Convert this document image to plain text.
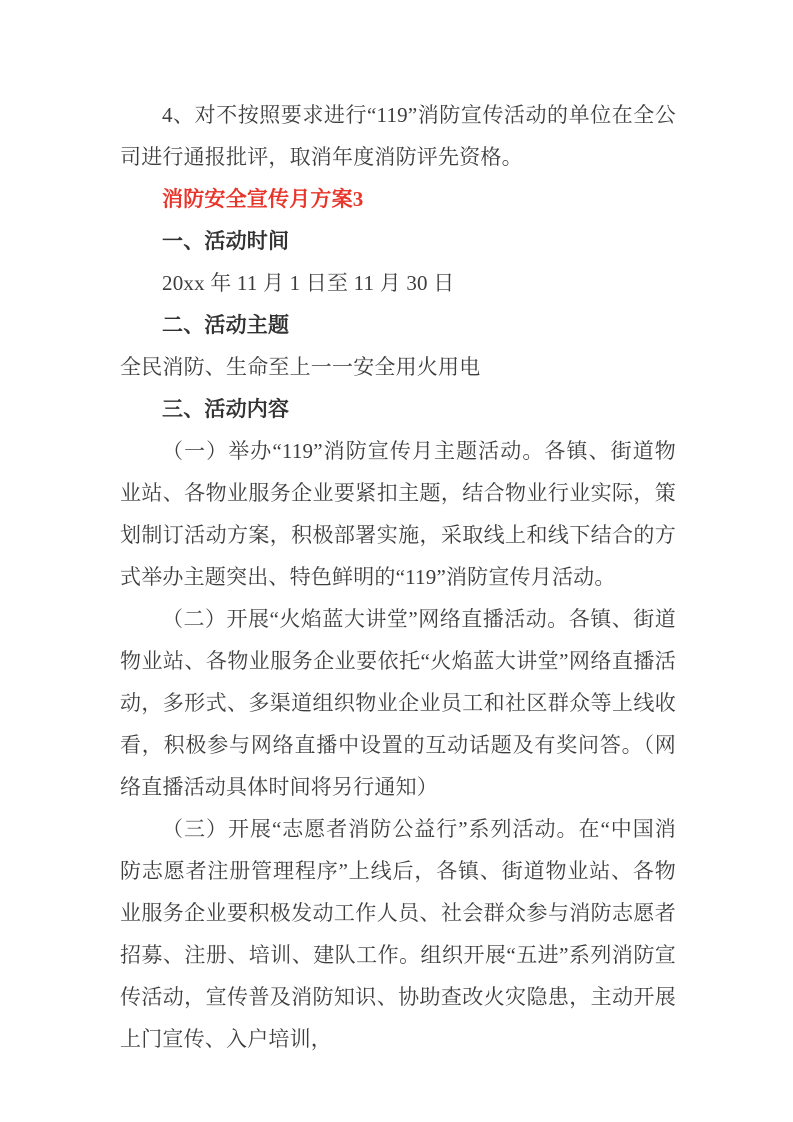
4、对不按照要求进行“119”消防宣传活动的单位在全公司进行通报批评，取消年度消防评先资格。

消防安全宣传月方案3

一、活动时间

20xx 年 11 月 1 日至 11 月 30 日

二、活动主题

全民消防、生命至上一一安全用火用电

三、活动内容

（一）举办“119”消防宣传月主题活动。各镇、街道物业站、各物业服务企业要紧扣主题，结合物业行业实际，策划制订活动方案，积极部署实施，采取线上和线下结合的方式举办主题突出、特色鲜明的“119”消防宣传月活动。

（二）开展“火焰蓝大讲堂”网络直播活动。各镇、街道物业站、各物业服务企业要依托“火焰蓝大讲堂”网络直播活动，多形式、多渠道组织物业企业员工和社区群众等上线收看，积极参与网络直播中设置的互动话题及有奖问答。（网络直播活动具体时间将另行通知）

（三）开展“志愿者消防公益行”系列活动。在“中国消防志愿者注册管理程序”上线后，各镇、街道物业站、各物业服务企业要积极发动工作人员、社会群众参与消防志愿者招募、注册、培训、建队工作。组织开展“五进”系列消防宣传活动，宣传普及消防知识、协助查改火灾隐患，主动开展上门宣传、入户培训，
